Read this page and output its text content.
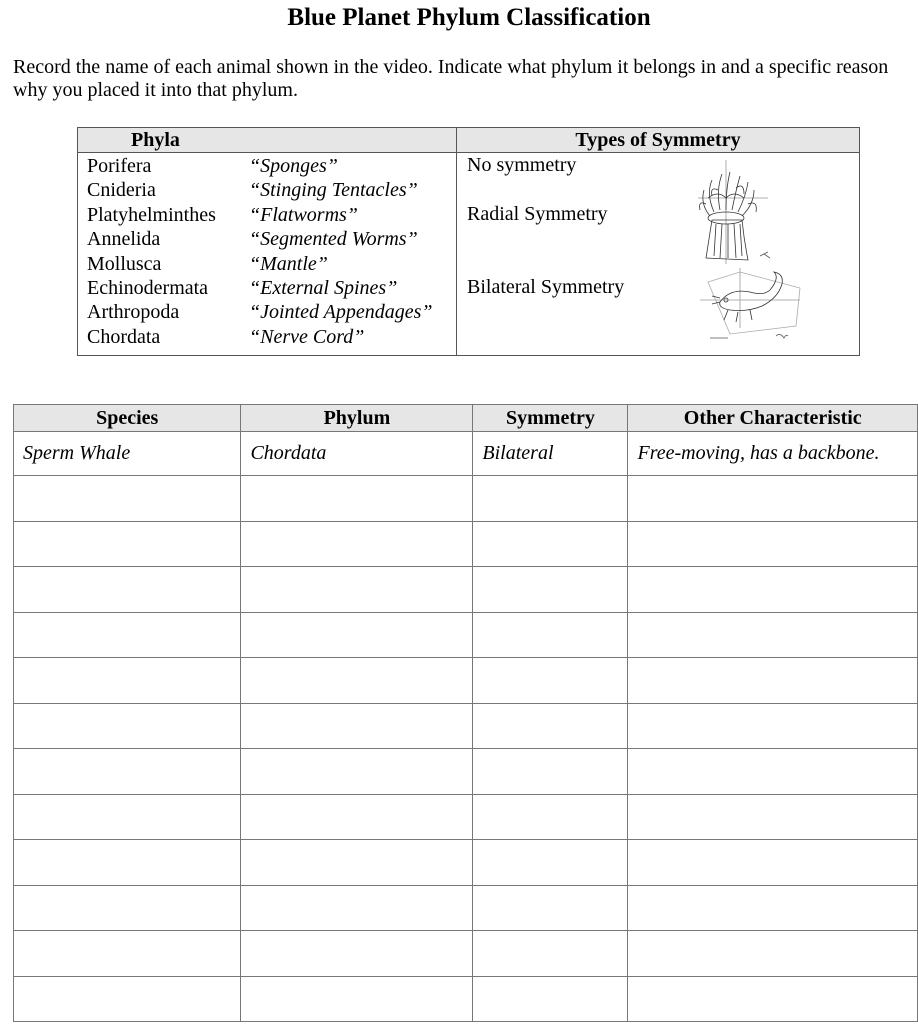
Blue Planet Phylum Classification
Record the name of each animal shown in the video. Indicate what phylum it belongs in and a specific reason why you placed it into that phylum.
Phyla	Types of Symmetry
Porifera	“Sponges”
Cnideria	“Stinging Tentacles”
Platyhelminthes	“Flatworms”
Annelida	“Segmented Worms”
Mollusca	“Mantle”
Echinodermata	“External Spines”
Arthropoda	“Jointed Appendages”
Chordata	“Nerve Cord”
No symmetry
Radial Symmetry
Bilateral Symmetry
Species	Phylum	Symmetry	Other Characteristic
Sperm Whale	Chordata	Bilateral	Free-moving, has a backbone.
